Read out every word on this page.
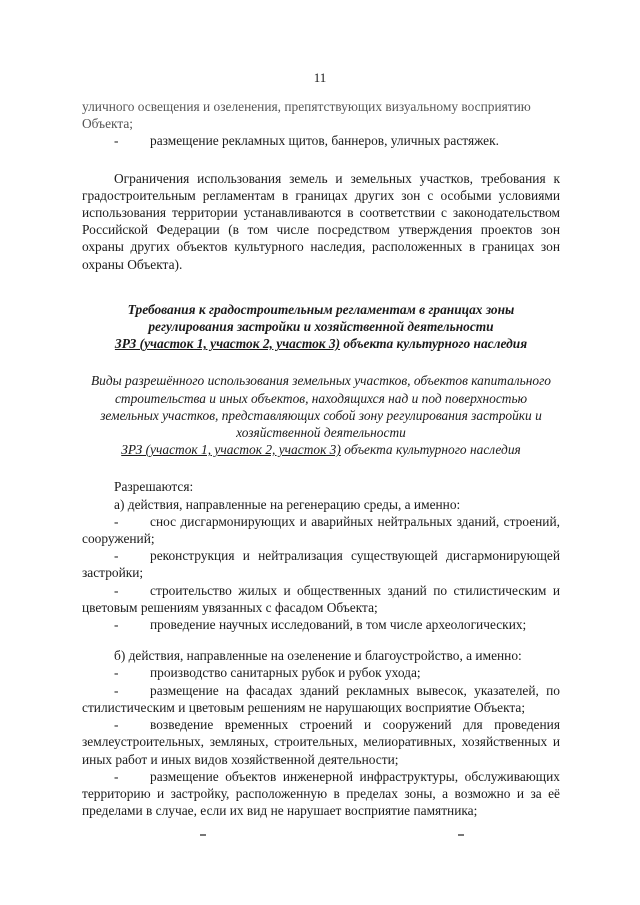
11

уличного освещения и озеленения, препятствующих визуальному восприятию

Объекта;

-	размещение рекламных щитов, баннеров, уличных растяжек.

Ограничения использования земель и земельных участков, требования к градостроительным регламентам в границах других зон с особыми условиями использования территории устанавливаются в соответствии с законодательством Российской Федерации (в том числе посредством утверждения проектов зон охраны других объектов культурного наследия, расположенных в границах зон охраны Объекта).

Требования к градостроительным регламентам в границах зоны
регулирования застройки и хозяйственной деятельности
ЗРЗ (участок 1, участок 2, участок 3) объекта культурного наследия
Виды разрешённого использования земельных участков, объектов капитального строительства и иных объектов, находящихся над и под поверхностью земельных участков, представляющих собой зону регулирования застройки и хозяйственной деятельности
ЗРЗ (участок 1, участок 2, участок 3) объекта культурного наследия

Разрешаются:

а) действия, направленные на регенерацию среды, а именно:

- снос дисгармонирующих и аварийных нейтральных зданий, строений, сооружений;

- реконструкция и нейтрализация существующей дисгармонирующей застройки;

- строительство жилых и общественных зданий по стилистическим и цветовым решениям увязанных с фасадом Объекта;

- проведение научных исследований, в том числе археологических;

б) действия, направленные на озеленение и благоустройство, а именно:

- производство санитарных рубок и рубок ухода;

- размещение на фасадах зданий рекламных вывесок, указателей, по стилистическим и цветовым решениям не нарушающих восприятие Объекта;

- возведение временных строений и сооружений для проведения землеустроительных, земляных, строительных, мелиоративных, хозяйственных и иных работ и иных видов хозяйственной деятельности;

- размещение объектов инженерной инфраструктуры, обслуживающих территорию и застройку, расположенную в пределах зоны, а возможно и за её пределами в случае, если их вид не нарушает восприятие памятника;
